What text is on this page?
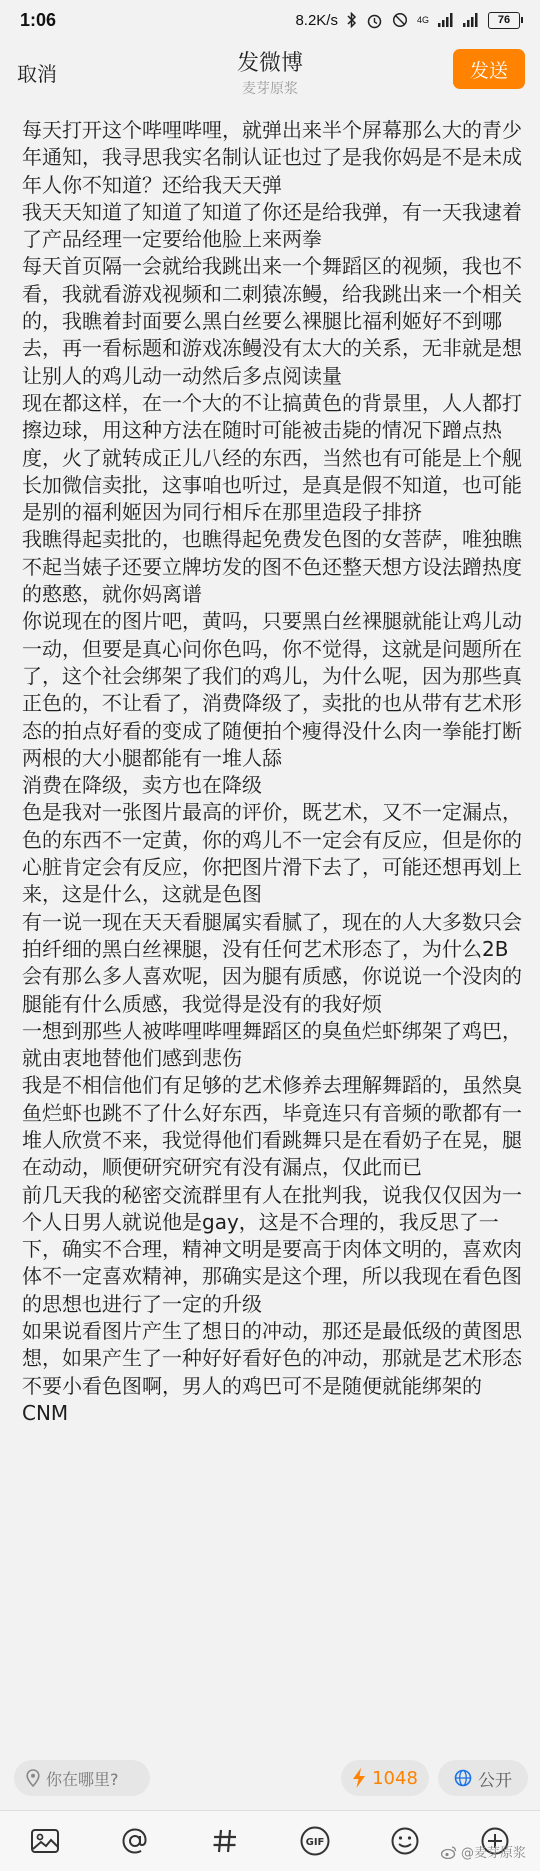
1:06	8.2K/s	4G	76
取消	发微博
麦芽原浆
发送
每天打开这个哔哩哔哩，就弹出来半个屏幕那么大的青少年通知，我寻思我实名制认证也过了是我你妈是不是未成年人你不知道？还给我天天弹
我天天知道了知道了知道了你还是给我弹，有一天我逮着了产品经理一定要给他脸上来两拳
每天首页隔一会就给我跳出来一个舞蹈区的视频，我也不看，我就看游戏视频和二刺猿冻鳗，给我跳出来一个相关的，我瞧着封面要么黑白丝要么裸腿比福利姬好不到哪去，再一看标题和游戏冻鳗没有太大的关系，无非就是想让别人的鸡儿动一动然后多点阅读量
现在都这样，在一个大的不让搞黄色的背景里，人人都打擦边球，用这种方法在随时可能被击毙的情况下蹭点热度，火了就转成正儿八经的东西，当然也有可能是上个舰长加微信卖批，这事咱也听过，是真是假不知道，也可能是别的福利姬因为同行相斥在那里造段子排挤
我瞧得起卖批的，也瞧得起免费发色图的女菩萨，唯独瞧不起当婊子还要立牌坊发的图不色还整天想方设法蹭热度的憨憨，就你妈离谱
你说现在的图片吧，黄吗，只要黑白丝裸腿就能让鸡儿动一动，但要是真心问你色吗，你不觉得，这就是问题所在了，这个社会绑架了我们的鸡儿，为什么呢，因为那些真正色的，不让看了，消费降级了，卖批的也从带有艺术形态的拍点好看的变成了随便拍个瘦得没什么肉一拳能打断两根的大小腿都能有一堆人舔
消费在降级，卖方也在降级
色是我对一张图片最高的评价，既艺术，又不一定漏点，色的东西不一定黄，你的鸡儿不一定会有反应，但是你的心脏肯定会有反应，你把图片滑下去了，可能还想再划上来，这是什么，这就是色图
有一说一现在天天看腿属实看腻了，现在的人大多数只会拍纤细的黑白丝裸腿，没有任何艺术形态了，为什么2B会有那么多人喜欢呢，因为腿有质感，你说说一个没肉的腿能有什么质感，我觉得是没有的我好烦
一想到那些人被哔哩哔哩舞蹈区的臭鱼烂虾绑架了鸡巴，就由衷地替他们感到悲伤
我是不相信他们有足够的艺术修养去理解舞蹈的，虽然臭鱼烂虾也跳不了什么好东西，毕竟连只有音频的歌都有一堆人欣赏不来，我觉得他们看跳舞只是在看奶子在晃，腿在动动，顺便研究研究有没有漏点，仅此而已
前几天我的秘密交流群里有人在批判我，说我仅仅因为一个人日男人就说他是gay，这是不合理的，我反思了一下，确实不合理，精神文明是要高于肉体文明的，喜欢肉体不一定喜欢精神，那确实是这个理，所以我现在看色图的思想也进行了一定的升级
如果说看图片产生了想日的冲动，那还是最低级的黄图思想，如果产生了一种好好看好色的冲动，那就是艺术形态
不要小看色图啊，男人的鸡巴可不是随便就能绑架的
CNM
你在哪里?	1048	公开
GIF
@麦芽原浆
